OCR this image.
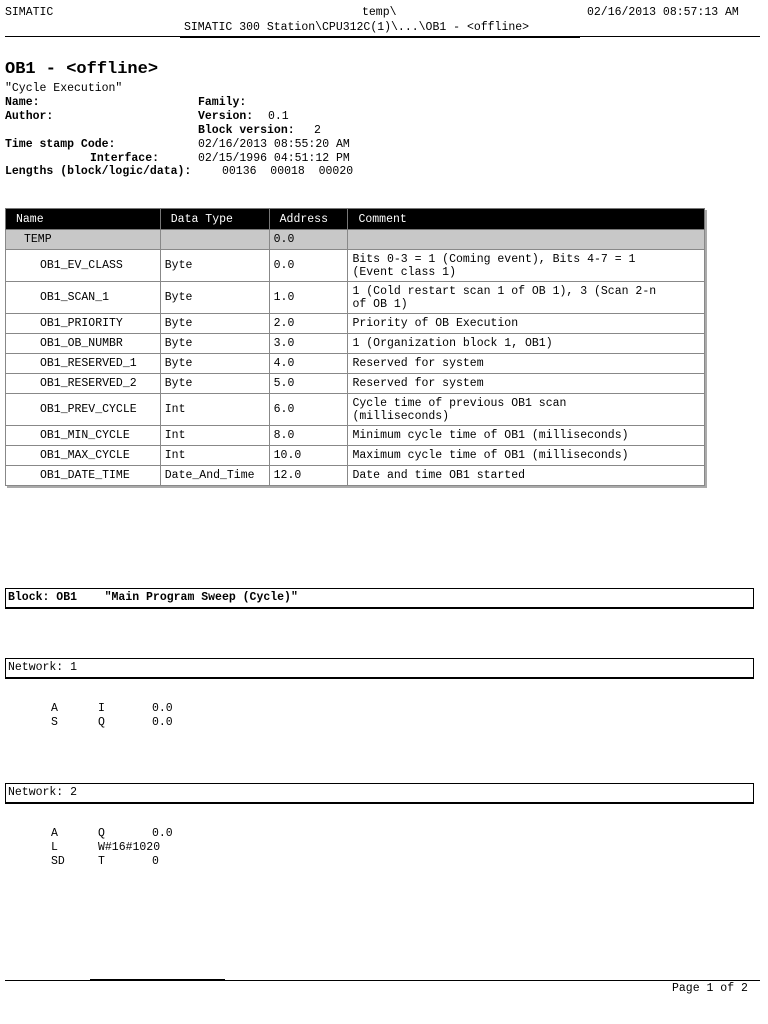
SIMATIC	temp\
SIMATIC 300 Station\CPU312C(1)\...\OB1 - <offline>
02/16/2013 08:57:13 AM
OB1 - <offline>
"Cycle Execution"
Name:	Family:
Author:	Version: 0.1
Block version: 2
Time stamp Code:	02/16/2013 08:55:20 AM
Interface:	02/15/1996 04:51:12 PM
Lengths (block/logic/data):	00136  00018  00020
Name	Data Type	Address	Comment
TEMP		0.0	
OB1_EV_CLASS	Byte	0.0	Bits 0-3 = 1 (Coming event), Bits 4-7 = 1
(Event class 1)
OB1_SCAN_1	Byte	1.0	1 (Cold restart scan 1 of OB 1), 3 (Scan 2-n
of OB 1)
OB1_PRIORITY	Byte	2.0	Priority of OB Execution
OB1_OB_NUMBR	Byte	3.0	1 (Organization block 1, OB1)
OB1_RESERVED_1	Byte	4.0	Reserved for system
OB1_RESERVED_2	Byte	5.0	Reserved for system
OB1_PREV_CYCLE	Int	6.0	Cycle time of previous OB1 scan
(milliseconds)
OB1_MIN_CYCLE	Int	8.0	Minimum cycle time of OB1 (milliseconds)
OB1_MAX_CYCLE	Int	10.0	Maximum cycle time of OB1 (milliseconds)
OB1_DATE_TIME	Date_And_Time	12.0	Date and time OB1 started
Block: OB1 "Main Program Sweep (Cycle)"
Network: 1
A	I	0.0
S	Q	0.0
Network: 2
A	Q	0.0
L	W#16#1020
SD	T	0
Page 1 of 2
